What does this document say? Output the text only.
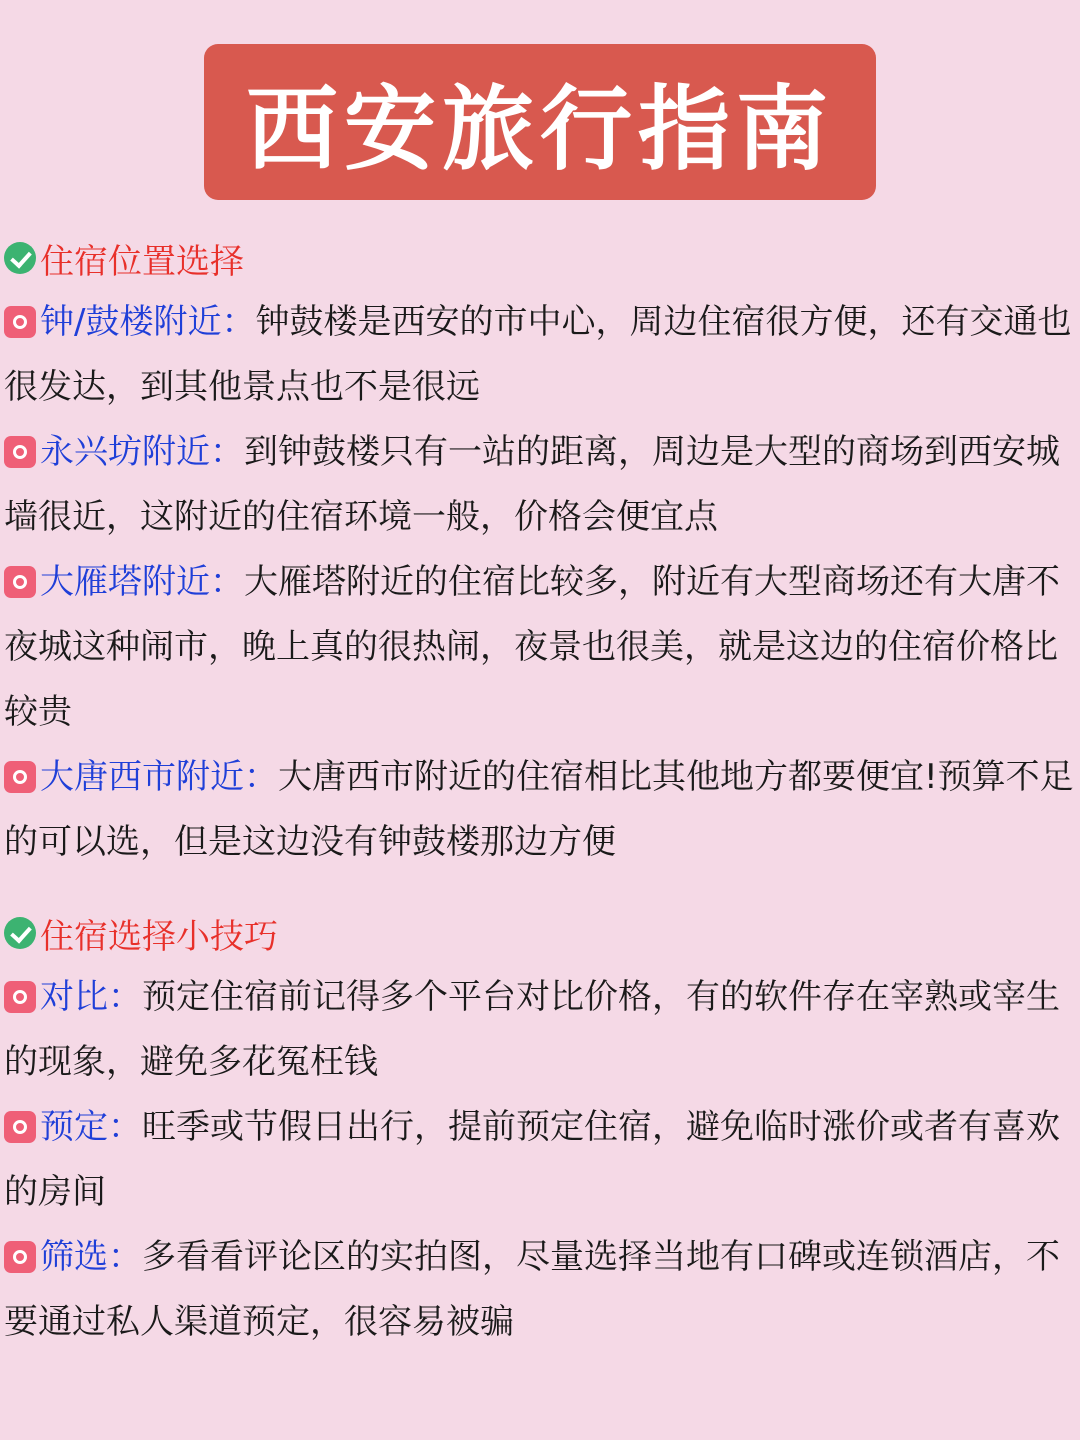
西安旅行指南
住宿位置选择

钟/鼓楼附近：钟鼓楼是西安的市中心，周边住宿很方便，还有交通也很发达，到其他景点也不是很远

永兴坊附近：到钟鼓楼只有一站的距离，周边是大型的商场到西安城墙很近，这附近的住宿环境一般，价格会便宜点

大雁塔附近：大雁塔附近的住宿比较多，附近有大型商场还有大唐不夜城这种闹市，晚上真的很热闹，夜景也很美，就是这边的住宿价格比较贵

大唐西市附近：大唐西市附近的住宿相比其他地方都要便宜!预算不足的可以选，但是这边没有钟鼓楼那边方便

住宿选择小技巧

对比：预定住宿前记得多个平台对比价格，有的软件存在宰熟或宰生的现象，避免多花冤枉钱

预定：旺季或节假日出行，提前预定住宿，避免临时涨价或者有喜欢的房间

筛选：多看看评论区的实拍图，尽量选择当地有口碑或连锁酒店，不要通过私人渠道预定，很容易被骗
